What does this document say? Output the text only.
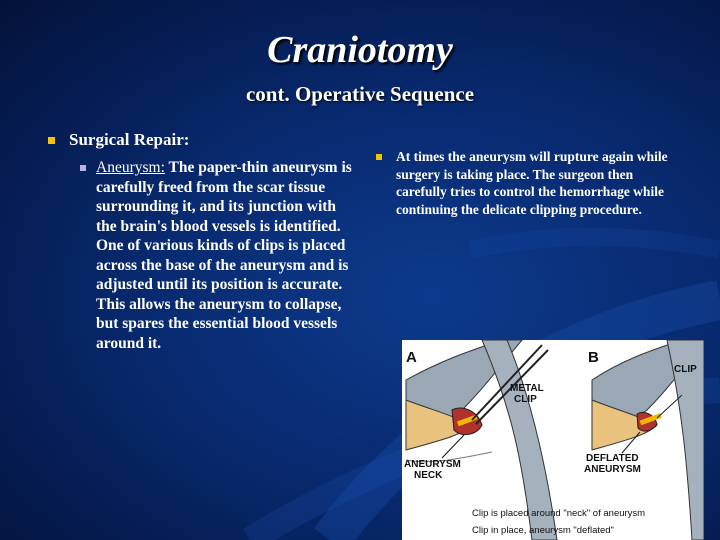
Craniotomy
cont. Operative Sequence
Surgical Repair:
Aneurysm: The paper-thin aneurysm is carefully freed from the scar tissue surrounding it, and its junction with the brain's blood vessels is identified. One of various kinds of clips is placed across the base of the aneurysm and is adjusted until its position is accurate. This allows the aneurysm to collapse, but spares the essential blood vessels around it.
At times the aneurysm will rupture again while surgery is taking place. The surgeon then carefully tries to control the hemorrhage while continuing the delicate clipping procedure.
A	B
METAL
CLIP
ANEURYSM
NECK
CLIP
DEFLATED
ANEURYSM
Clip is placed around "neck" of aneurysm
Clip in place, aneurysm "deflated"
